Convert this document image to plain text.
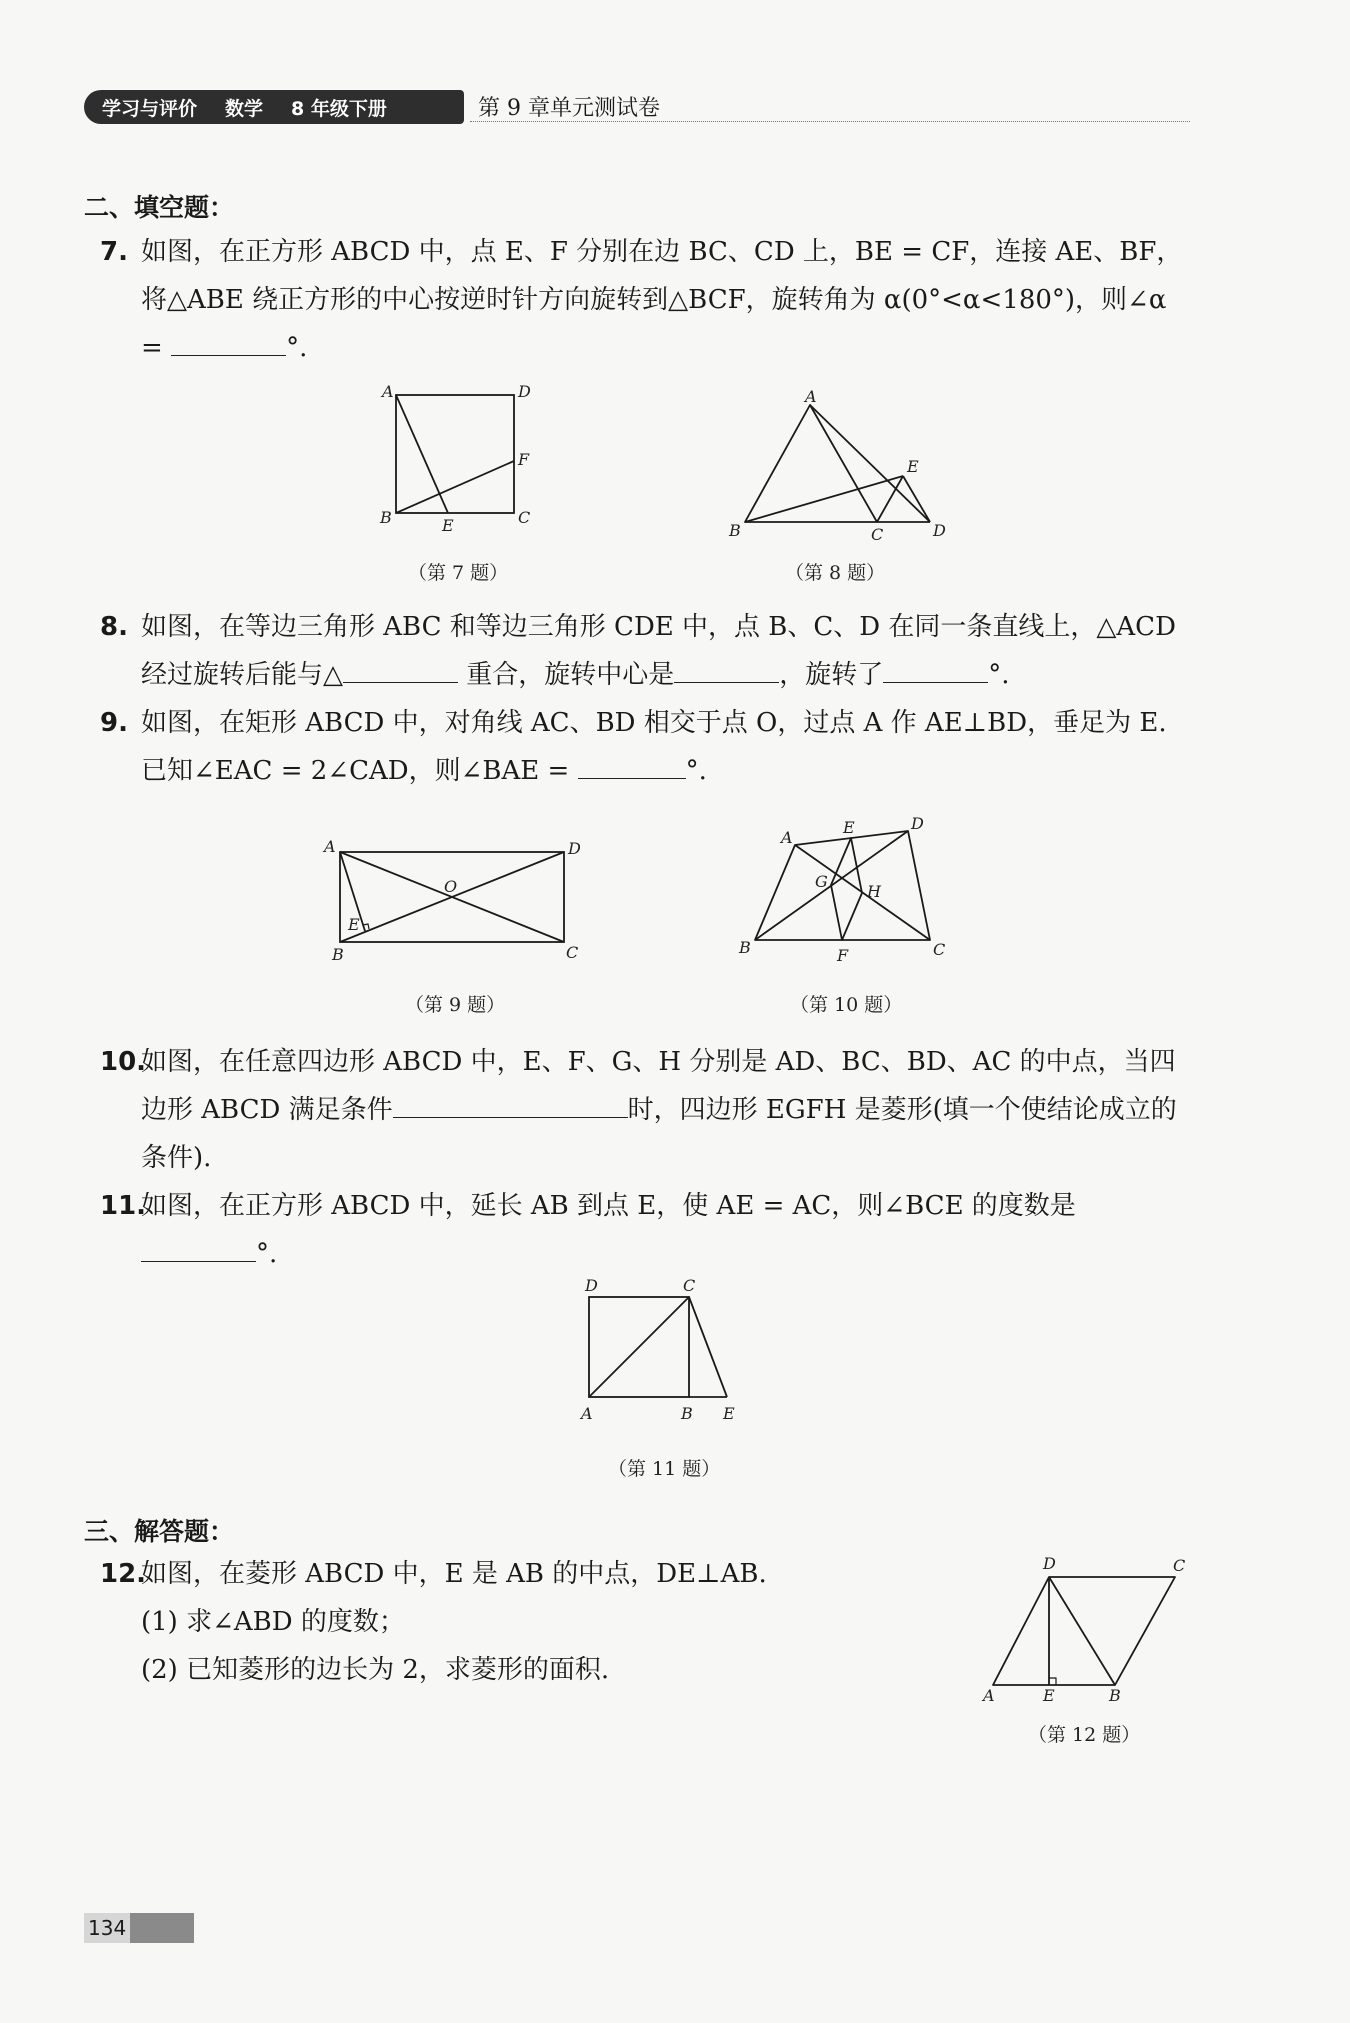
学习与评价 数学 8 年级下册	第 9 章单元测试卷
二、填空题：
7. 如图，在正方形 ABCD 中，点 E、F 分别在边 BC、CD 上，BE = CF，连接 AE、BF，将△ABE 绕正方形的中心按逆时针方向旋转到△BCF，旋转角为 α(0°<α<180°)，则∠α =	°.
A	D
F
B	E	C
（第 7 题）
A
E
B	C	D
（第 8 题）
8. 如图，在等边三角形 ABC 和等边三角形 CDE 中，点 B、C、D 在同一条直线上，△ACD 经过旋转后能与△	重合，旋转中心是	，旋转了	°.
9. 如图，在矩形 ABCD 中，对角线 AC、BD 相交于点 O，过点 A 作 AE⊥BD，垂足为 E.已知∠EAC = 2∠CAD，则∠BAE =	°.
A	D
O
E
B	C
（第 9 题）
A
E	D
G
H
B	F	C
（第 10 题）
10.如图，在任意四边形 ABCD 中，E、F、G、H 分别是 AD、BC、BD、AC 的中点，当四边形 ABCD 满足条件	时，四边形 EGFH 是菱形(填一个使结论成立的条件).
11.如图，在正方形 ABCD 中，延长 AB 到点 E，使 AE = AC，则∠BCE 的度数是°.
D	C
A	B E
（第 11 题）
三、解答题：
12.如图，在菱形 ABCD 中，E 是 AB 的中点，DE⊥AB.
(1) 求∠ABD 的度数；
(2) 已知菱形的边长为 2，求菱形的面积.
D	C
A	E	B
（第 12 题）
134
